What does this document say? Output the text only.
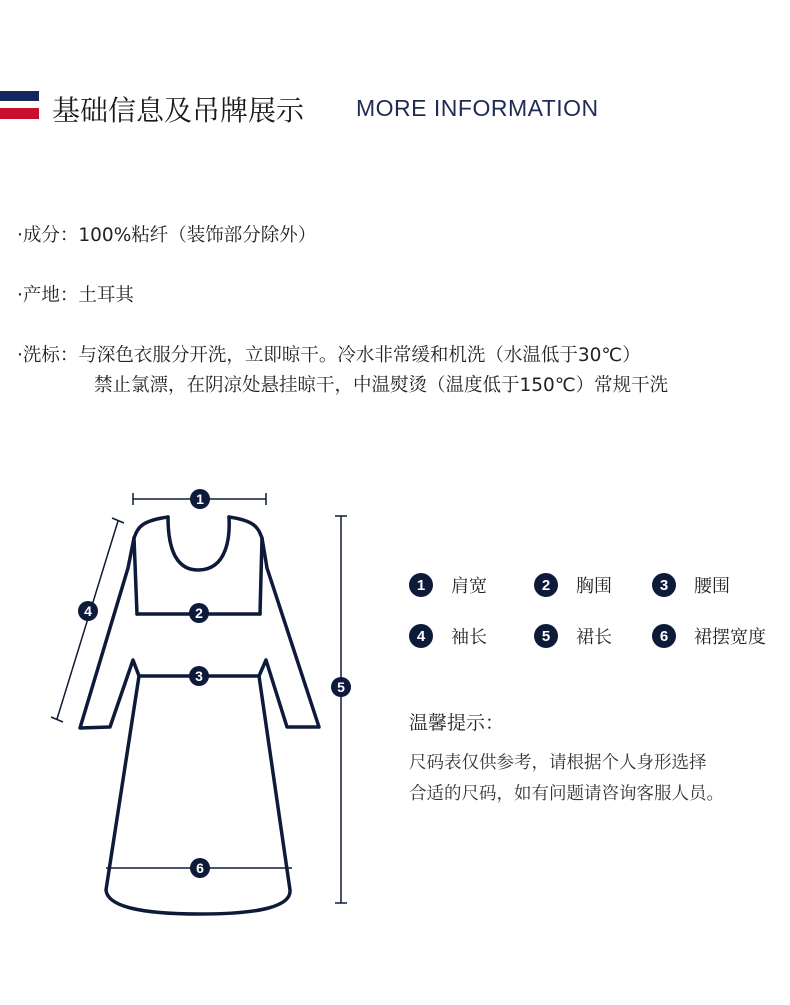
基础信息及吊牌展示 MORE INFORMATION
·成分：100%粘纤（装饰部分除外）
·产地：土耳其
·洗标：与深色衣服分开洗，立即晾干。冷水非常缓和机洗（水温低于30℃）
禁止氯漂，在阴凉处悬挂晾干，中温熨烫（温度低于150℃）常规干洗
1
2
3
4
5
6
1	肩宽	2	胸围	3	腰围
4	袖长	5	裙长	6	裙摆宽度
温馨提示：
尺码表仅供参考，请根据个人身形选择
合适的尺码，如有问题请咨询客服人员。
